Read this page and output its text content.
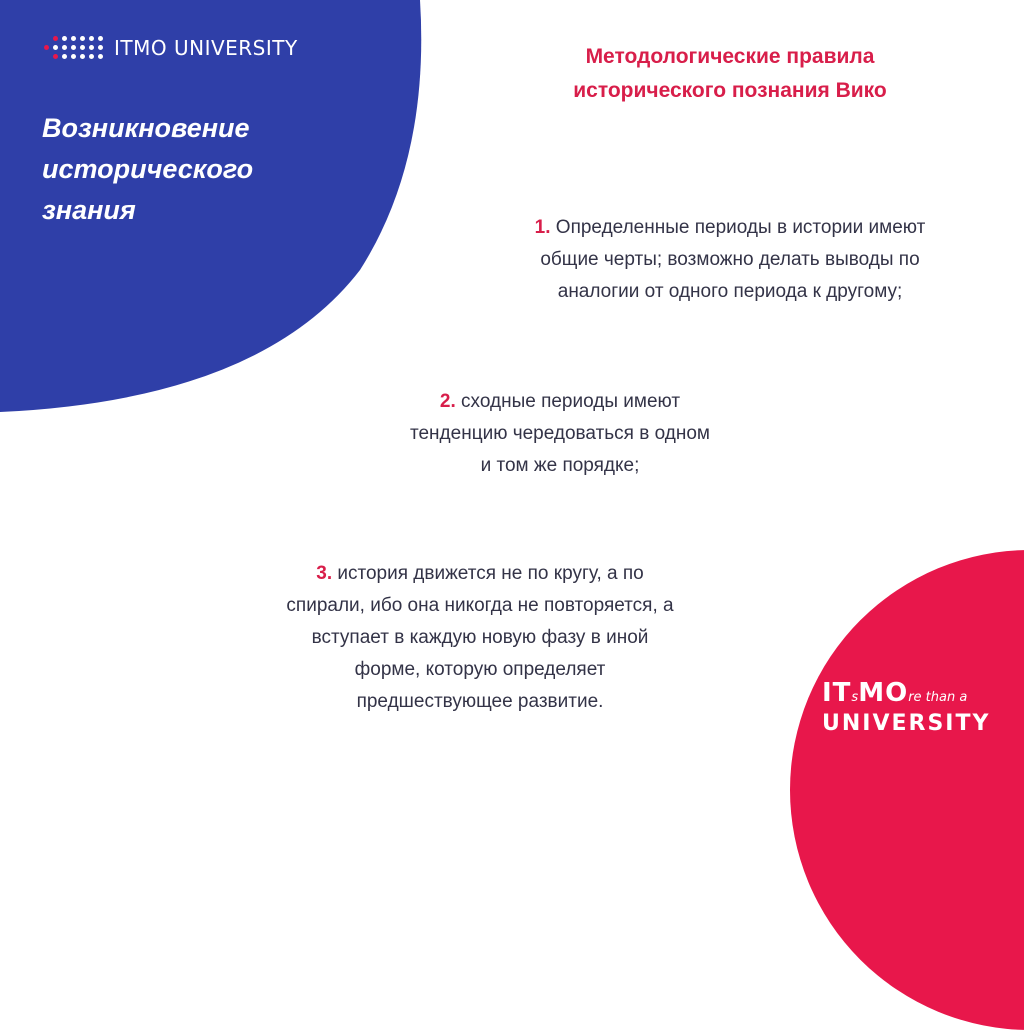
ITMO UNIVERSITY
Возникновение
исторического
знания
Методологические правила
исторического познания Вико
1. Определенные периоды в истории имеют
общие черты; возможно делать выводы по
аналогии от одного периода к другому;
2. сходные периоды имеют
тенденцию чередоваться в одном
и том же порядке;
3. история движется не по кругу, а по
спирали, ибо она никогда не повторяется, а
вступает в каждую новую фазу в иной
форме, которую определяет
предшествующее развитие.	ITsMOre than a
UNIVERSITY
